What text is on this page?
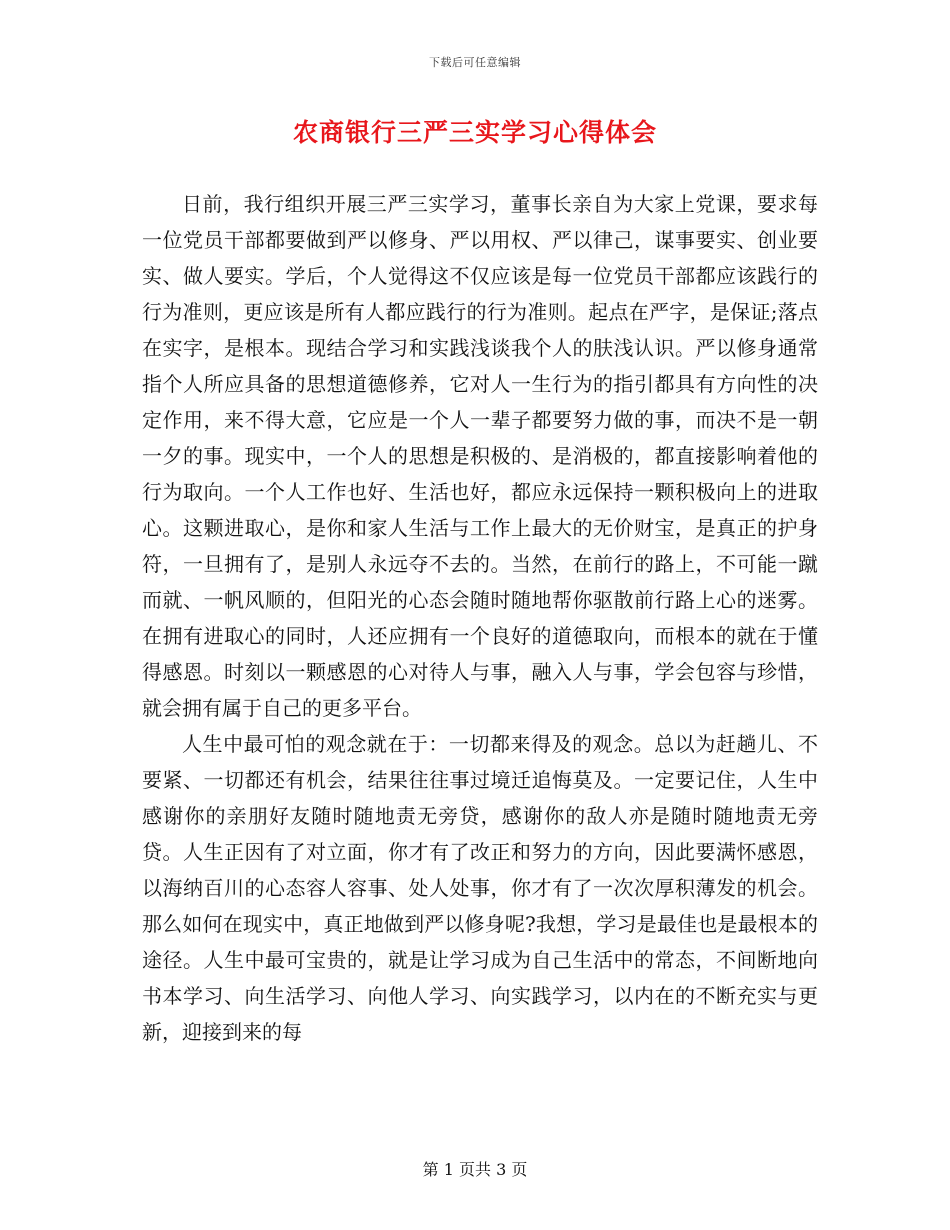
下载后可任意编辑
农商银行三严三实学习心得体会

日前，我行组织开展三严三实学习，董事长亲自为大家上党课，要求每一位党员干部都要做到严以修身、严以用权、严以律己，谋事要实、创业要实、做人要实。学后，个人觉得这不仅应该是每一位党员干部都应该践行的行为准则，更应该是所有人都应践行的行为准则。起点在严字，是保证;落点在实字，是根本。现结合学习和实践浅谈我个人的肤浅认识。严以修身通常指个人所应具备的思想道德修养，它对人一生行为的指引都具有方向性的决定作用，来不得大意，它应是一个人一辈子都要努力做的事，而决不是一朝一夕的事。现实中，一个人的思想是积极的、是消极的，都直接影响着他的行为取向。一个人工作也好、生活也好，都应永远保持一颗积极向上的进取心。这颗进取心，是你和家人生活与工作上最大的无价财宝，是真正的护身符，一旦拥有了，是别人永远夺不去的。当然，在前行的路上，不可能一蹴而就、一帆风顺的，但阳光的心态会随时随地帮你驱散前行路上心的迷雾。在拥有进取心的同时，人还应拥有一个良好的道德取向，而根本的就在于懂得感恩。时刻以一颗感恩的心对待人与事，融入人与事，学会包容与珍惜，就会拥有属于自己的更多平台。

人生中最可怕的观念就在于：一切都来得及的观念。总以为赶趟儿、不要紧、一切都还有机会，结果往往事过境迁追悔莫及。一定要记住，人生中感谢你的亲朋好友随时随地责无旁贷，感谢你的敌人亦是随时随地责无旁贷。人生正因有了对立面，你才有了改正和努力的方向，因此要满怀感恩，以海纳百川的心态容人容事、处人处事，你才有了一次次厚积薄发的机会。那么如何在现实中，真正地做到严以修身呢?我想，学习是最佳也是最根本的途径。人生中最可宝贵的，就是让学习成为自己生活中的常态，不间断地向书本学习、向生活学习、向他人学习、向实践学习，以内在的不断充实与更新，迎接到来的每

第 1 页共 3 页
